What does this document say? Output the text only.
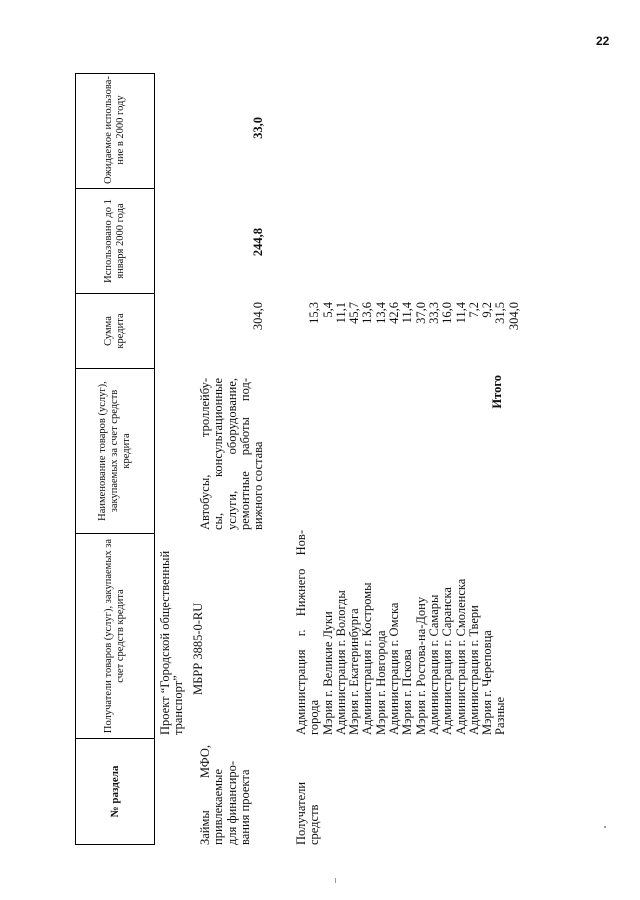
22
№ раздела
Получатели товаров (услуг), закупаемых за счет средств кредита
Наименование товаров (услуг), закупаемых за счет средств кредита
Сумма кредита
Использовано до 1 января 2000 года
Ожидаемое использование в 2000 году
Проект “Городской общественный транспорт”
МБРР 3885-0-RU
Займы МФО, привлекаемые для финансиро- вания проекта
Автобусы, троллейбу- сы, консультационные услуги, оборудование, ремонтные работы под- вижного состава
304,0
244,8
33,0
Получатели средств
Администрация г. Нижнего Нов- города Мэрия г. Великие Луки Администрация г. Вологды Мэрия г. Екатеринбурга Администрация г. Костромы Мэрия г. Новгорода Администрация г. Омска Мэрия г. Пскова Мэрия г. Ростова-на-Дону Администрация г. Самары Администрация г. Саранска Администрация г. Смоленска Администрация г. Твери Мэрия г. Череповца Разные
15,3 5,4 11,1 45,7 13,6 13,4 42,6 11,4 37,0 33,3 16,0 11,4 7,2 9,2 31,5 304,0
Итого
